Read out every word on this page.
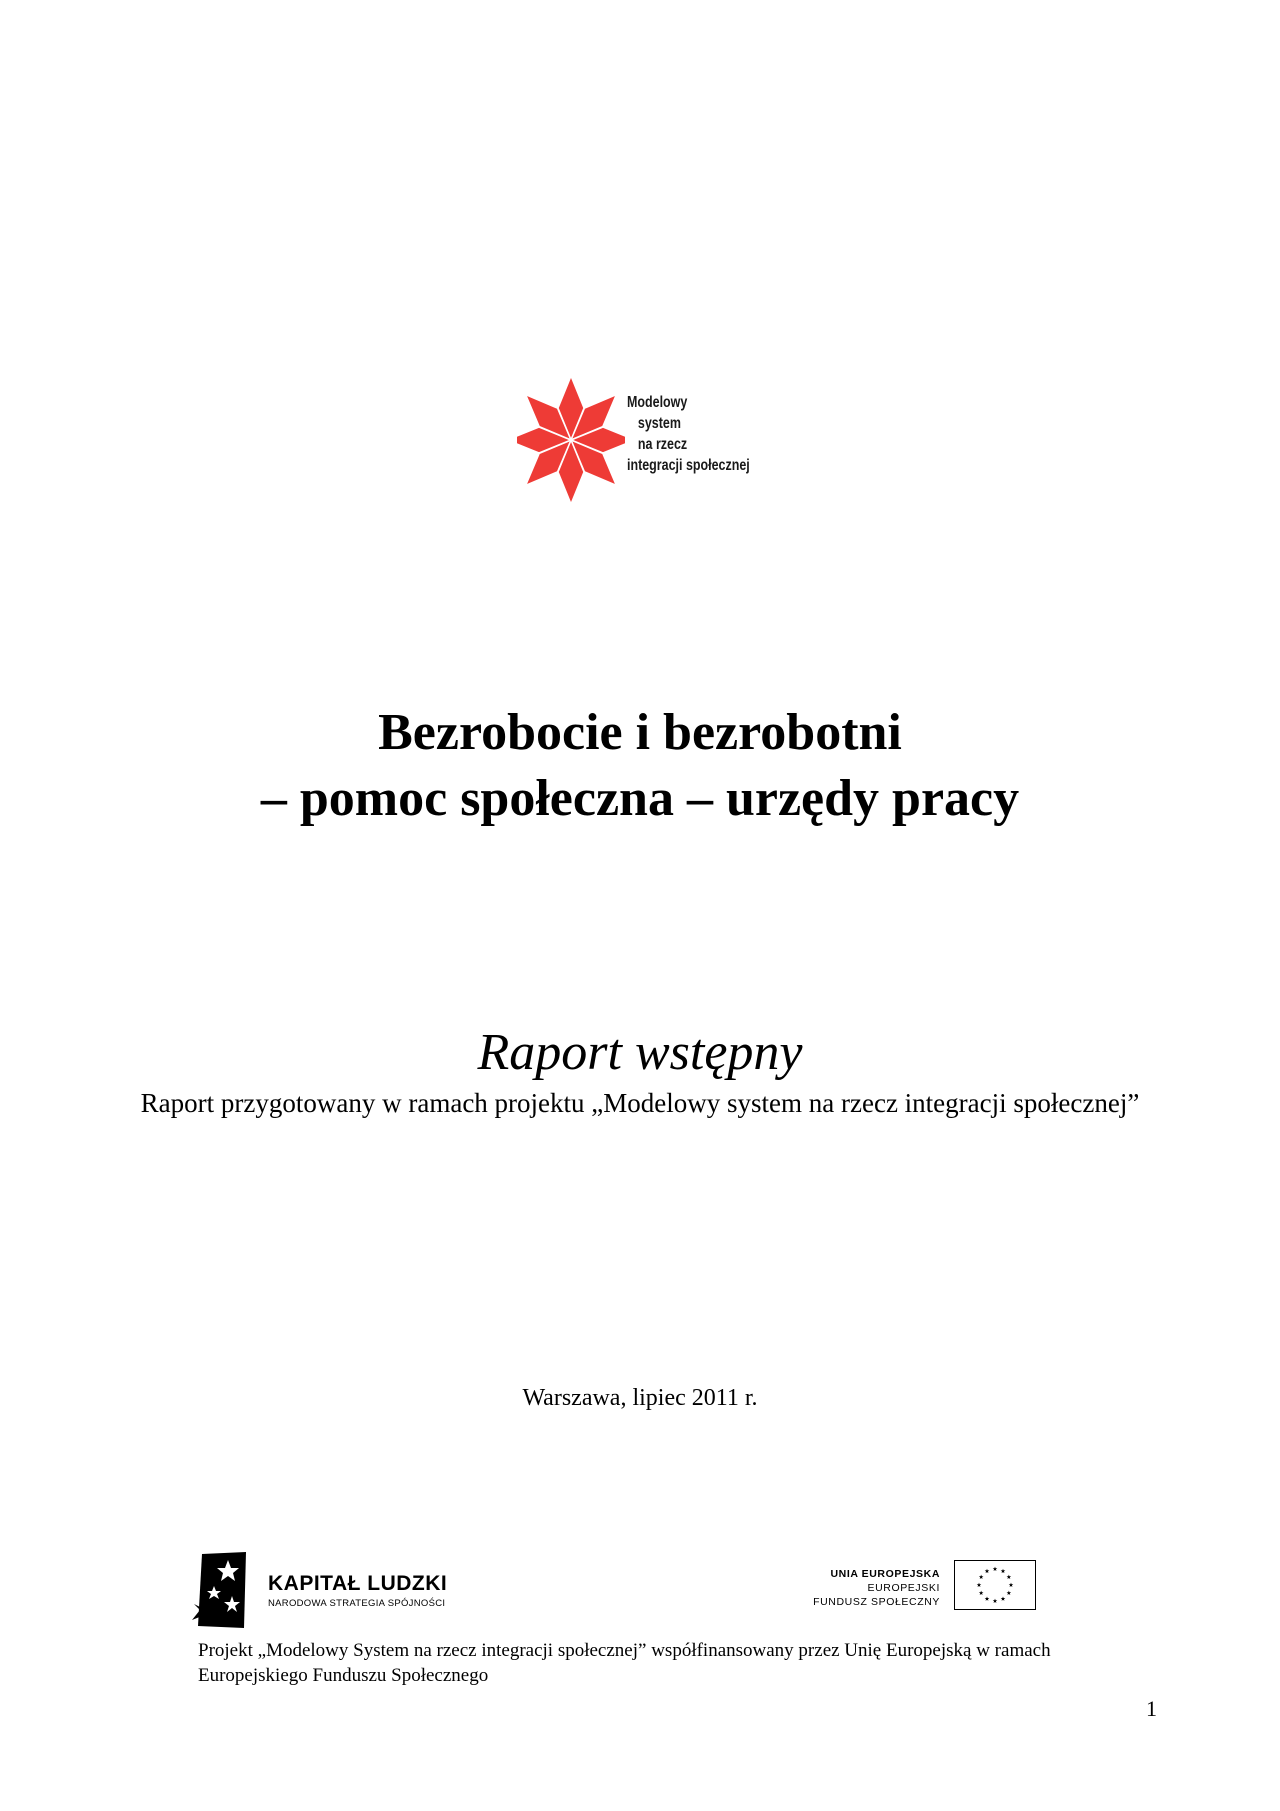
Modelowy
system
na rzecz
integracji społecznej
Bezrobocie i bezrobotni
– pomoc społeczna – urzędy pracy
Raport wstępny

Raport przygotowany w ramach projektu „Modelowy system na rzecz integracji społecznej”

Warszawa, lipiec 2011 r.
KAPITAŁ LUDZKI
NARODOWA STRATEGIA SPÓJNOŚCI
UNIA EUROPEJSKA
EUROPEJSKI
FUNDUSZ SPOŁECZNY

Projekt „Modelowy System na rzecz integracji społecznej” współfinansowany przez Unię Europejską w ramach Europejskiego Funduszu Społecznego

1
